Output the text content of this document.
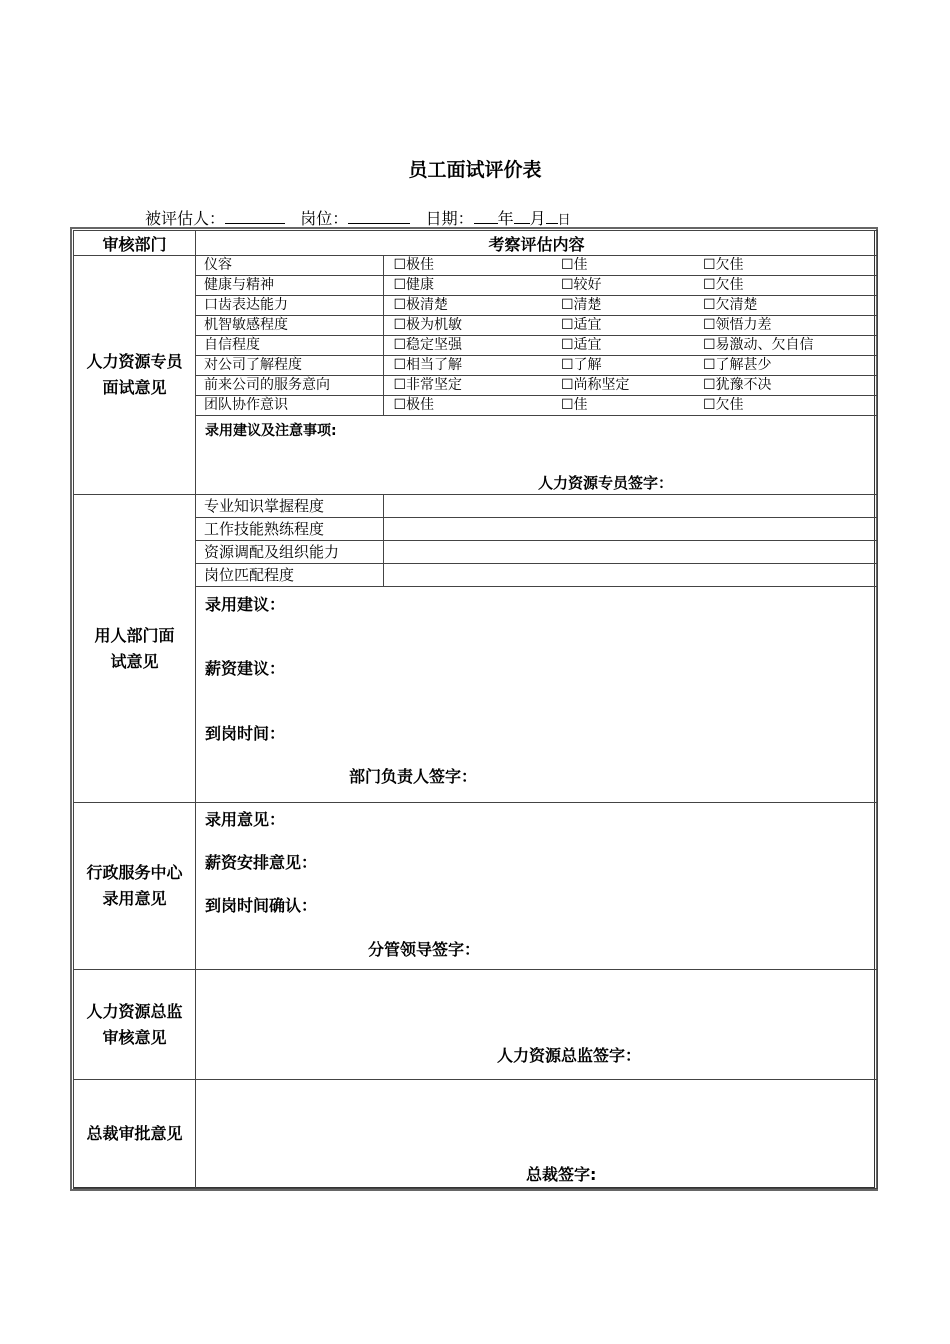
员工面试评价表
被评估人：	岗位：	日期： 年 月 日
审核部门	考察评估内容

人力资源专员面试意见

仪容	☐极佳	☐佳	☐欠佳
健康与精神	☐健康	☐较好	☐欠佳
口齿表达能力	☐极清楚	☐清楚	☐欠清楚
机智敏感程度	☐极为机敏	☐适宜	☐领悟力差
自信程度	☐稳定坚强	☐适宜	☐易激动、欠自信
对公司了解程度	☐相当了解	☐了解	☐了解甚少
前来公司的服务意向	☐非常坚定	☐尚称坚定	☐犹豫不决
团队协作意识	☐极佳	☐佳	☐欠佳
录用建议及注意事项:
人力资源专员签字：

用人部门面试意见

专业知识掌握程度	
工作技能熟练程度	
资源调配及组织能力	
岗位匹配程度	
录用建议：
薪资建议：
到岗时间：
部门负责人签字：

行政服务中心录用意见

录用意见：
薪资安排意见：
到岗时间确认：
分管领导签字：

人力资源总监审核意见

人力资源总监签字：

总裁审批意见

总裁签字:
